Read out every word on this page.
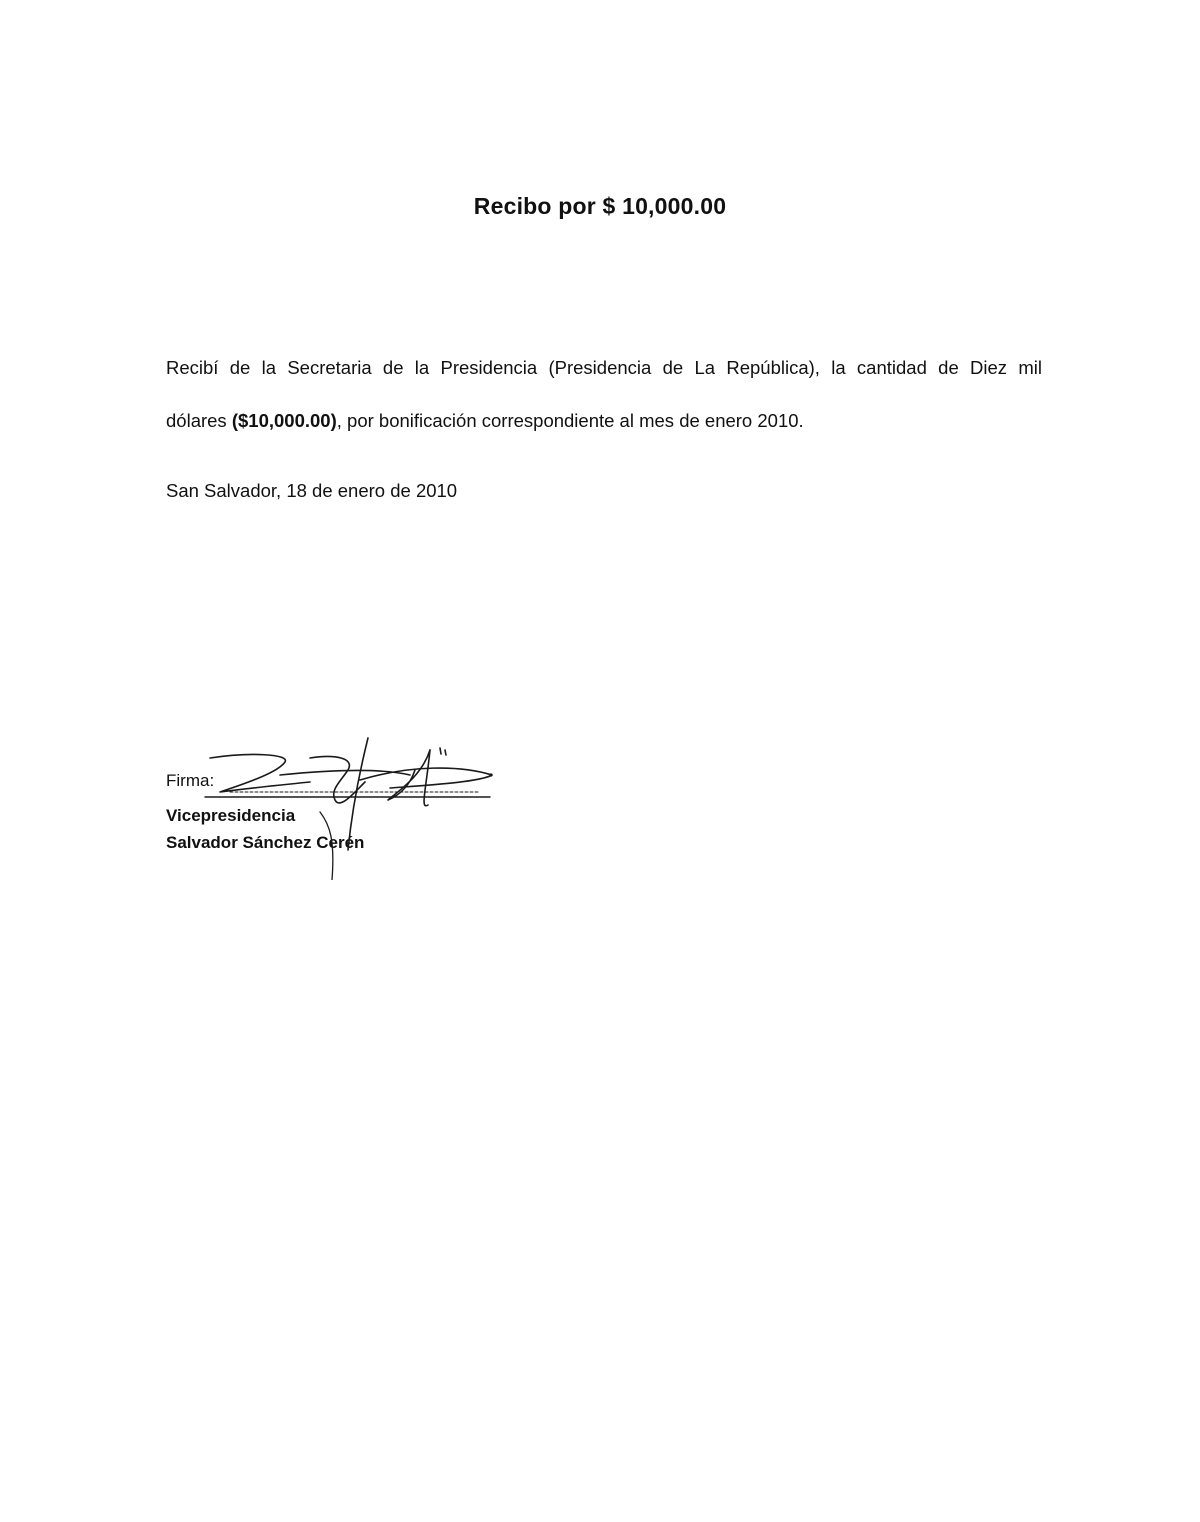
Recibo por $ 10,000.00
Recibí de la Secretaria de la Presidencia (Presidencia de La República), la cantidad de Diez mil
dólares ($10,000.00), por bonificación correspondiente al mes de enero 2010.
San Salvador, 18 de enero de 2010
Firma:
Vicepresidencia
Salvador Sánchez Cerén
